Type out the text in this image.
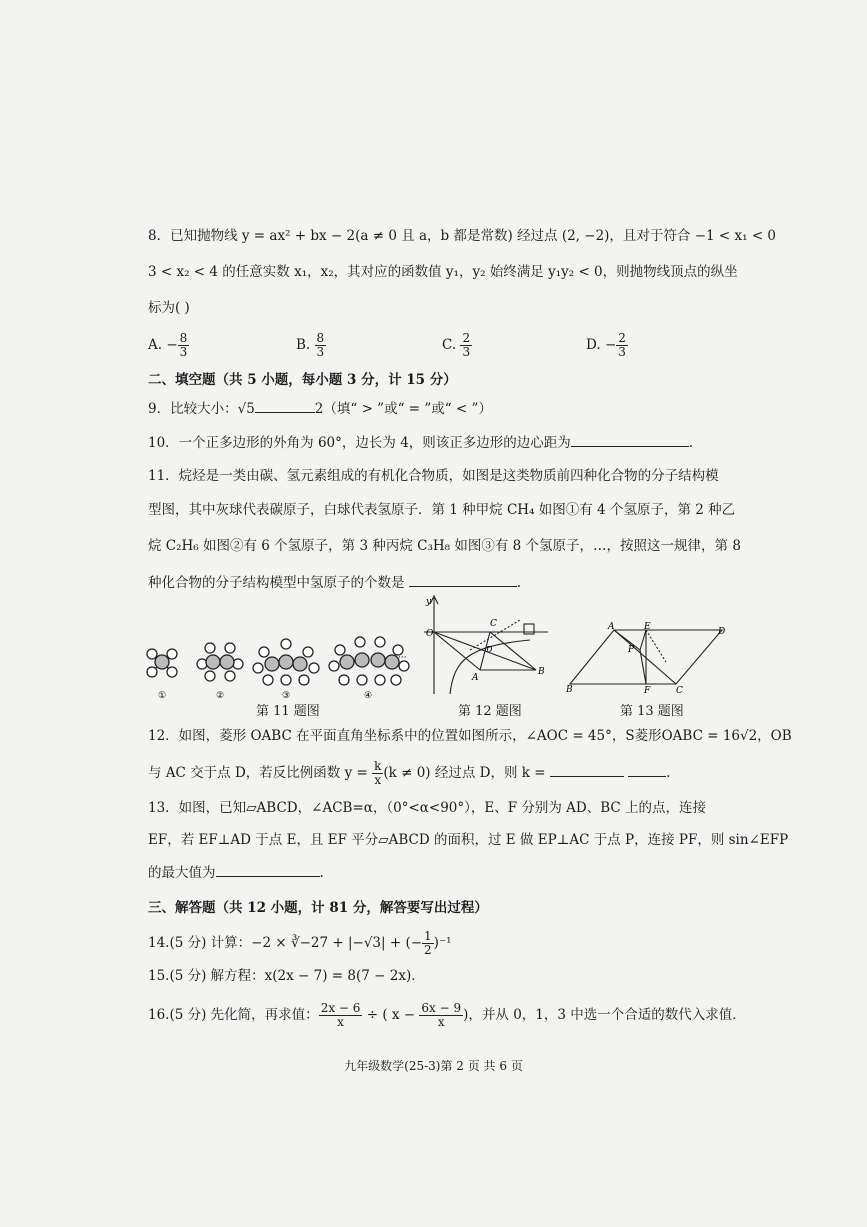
8．已知抛物线 y = ax² + bx − 2(a ≠ 0 且 a，b 都是常数) 经过点 (2, −2)，且对于符合 −1 < x₁ < 0
3 < x₂ < 4 的任意实数 x₁，x₂，其对应的函数值 y₁，y₂ 始终满足 y₁y₂ < 0，则抛物线顶点的纵坐
标为( )
A. − $\frac{8}{3}$	B. $\frac{8}{3}$	C. $\frac{2}{3}$	D. − $\frac{2}{3}$
二、填空题（共 5 小题，每小题 3 分，计 15 分）
9．比较大小：√5	2（填“ > ”或“ = ”或“ < ”）
10．一个正多边形的外角为 60°，边长为 4，则该正多边形的边心距为	.
11．烷烃是一类由碳、氢元素组成的有机化合物质，如图是这类物质前四种化合物的分子结构模
型图，其中灰球代表碳原子，白球代表氢原子．第 1 种甲烷 CH₄ 如图①有 4 个氢原子，第 2 种乙
烷 C₂H₆ 如图②有 6 个氢原子，第 3 种丙烷 C₃H₈ 如图③有 8 个氢原子，…，按照这一规律，第 8
种化合物的分子结构模型中氢原子的个数是	.
①	②	③	④
···
y
O
C
B
A
D
A	E	D
P
B	F	C
第 11 题图	第 12 题图	第 13 题图
12．如图，菱形 OABC 在平面直角坐标系中的位置如图所示，∠AOC = 45°，S菱形OABC = 16√2，OB
与 AC 交于点 D，若反比例函数 $y = \frac{k}{x} (k \ne 0)$ 经过点 D，则 k =	.
13．如图，已知▱ABCD，∠ACB=α，（0°<α<90°），E、F 分别为 AD、BC 上的点，连接
EF，若 EF⊥AD 于点 E，且 EF 平分▱ABCD 的面积，过 E 做 EP⊥AC 于点 P，连接 PF，则 sin∠EFP
的最大值为	.
三、解答题（共 12 小题，计 81 分，解答要写出过程）
14.(5 分) 计算：−2 × ∛−27 + |−√3| + (− $\frac{1}{2} )^{-1}$
15.(5 分) 解方程：x(2x − 7) = 8(7 − 2x)．
16.(5 分) 先化简，再求值： $\frac{2x - 6}{x}$ ÷ ( $x - \frac{6x - 9}{x}$ )，并从 0，1，3 中选一个合适的数代入求值．
九年级数学(25-3)第 2 页 共 6 页
